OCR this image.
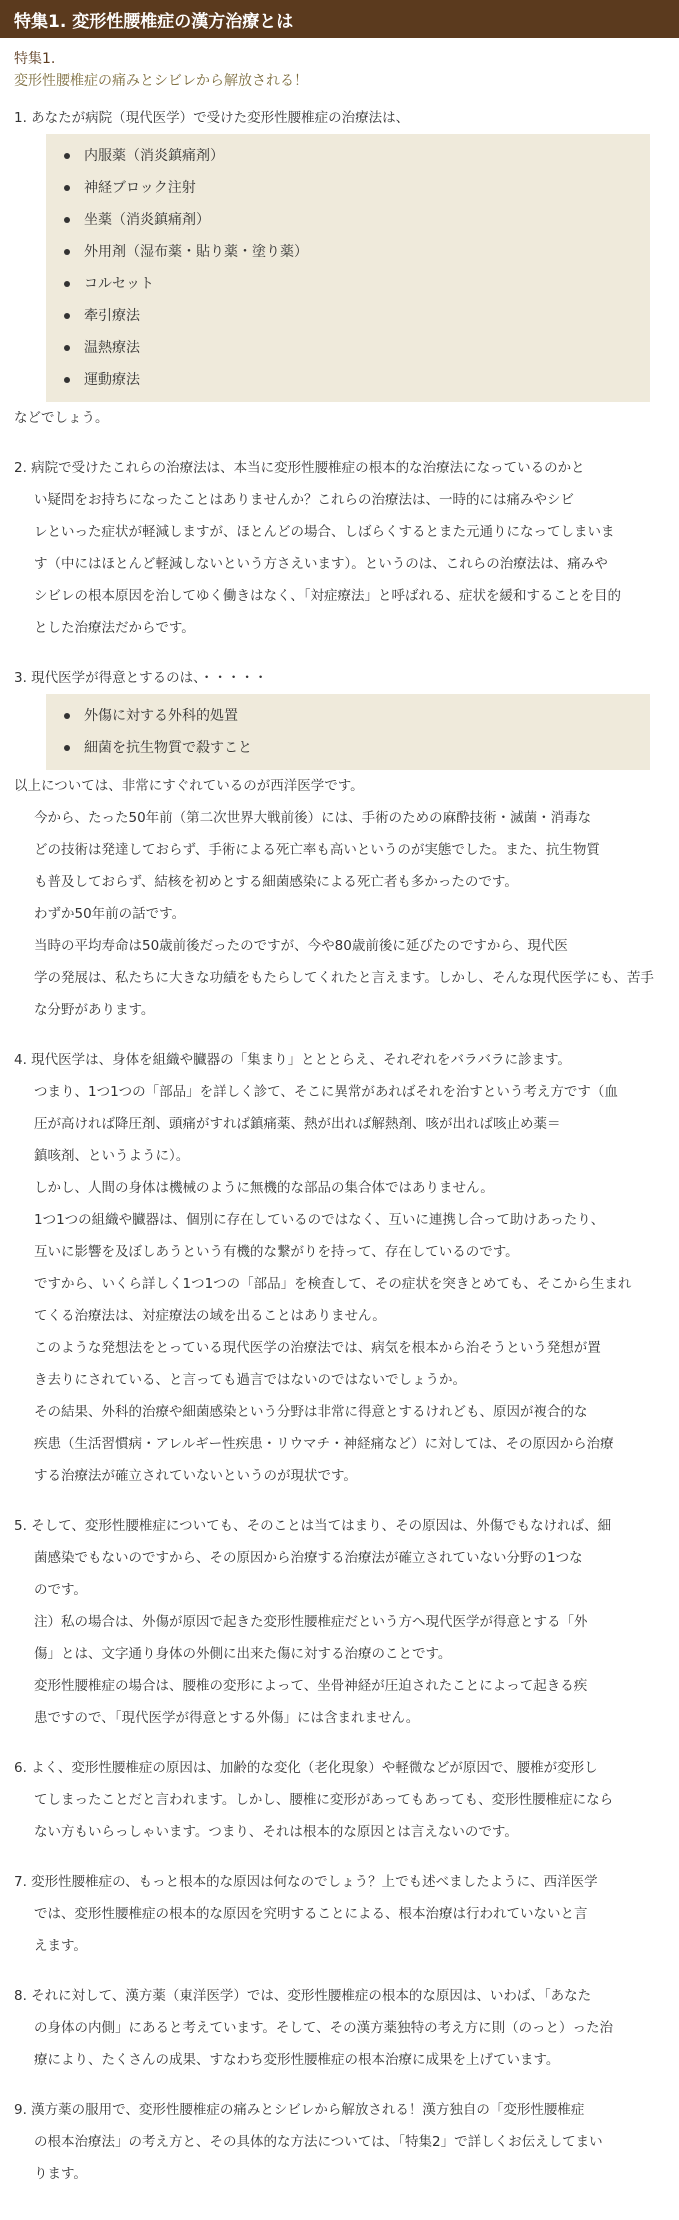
特集1. 変形性腰椎症の漢方治療とは
特集1.
変形性腰椎症の痛みとシビレから解放される！
1. あなたが病院（現代医学）で受けた変形性腰椎症の治療法は、
内服薬（消炎鎮痛剤）
神経ブロック注射
坐薬（消炎鎮痛剤）
外用剤（湿布薬・貼り薬・塗り薬）
コルセット
牽引療法
温熱療法
運動療法
などでしょう。
2. 病院で受けたこれらの治療法は、本当に変形性腰椎症の根本的な治療法になっているのかと
い疑問をお持ちになったことはありませんか？これらの治療法は、一時的には痛みやシビ
レといった症状が軽減しますが、ほとんどの場合、しばらくするとまた元通りになってしまいま
す（中にはほとんど軽減しないという方さえいます）。というのは、これらの治療法は、痛みや
シビレの根本原因を治してゆく働きはなく、「対症療法」と呼ばれる、症状を緩和することを目的
とした治療法だからです。
3. 現代医学が得意とするのは、・・・・・
外傷に対する外科的処置
細菌を抗生物質で殺すこと
以上については、非常にすぐれているのが西洋医学です。
今から、たった50年前（第二次世界大戦前後）には、手術のための麻酔技術・滅菌・消毒な
どの技術は発達しておらず、手術による死亡率も高いというのが実態でした。また、抗生物質
も普及しておらず、結核を初めとする細菌感染による死亡者も多かったのです。
わずか50年前の話です。
当時の平均寿命は50歳前後だったのですが、今や80歳前後に延びたのですから、現代医
学の発展は、私たちに大きな功績をもたらしてくれたと言えます。しかし、そんな現代医学にも、苦手な分野があります。
4. 現代医学は、身体を組織や臓器の「集まり」とととらえ、それぞれをバラバラに診ます。
つまり、1つ1つの「部品」を詳しく診て、そこに異常があればそれを治すという考え方です（血
圧が高ければ降圧剤、頭痛がすれば鎮痛薬、熱が出れば解熱剤、咳が出れば咳止め薬＝
鎮咳剤、というように）。
しかし、人間の身体は機械のように無機的な部品の集合体ではありません。
1つ1つの組織や臓器は、個別に存在しているのではなく、互いに連携し合って助けあったり、
互いに影響を及ぼしあうという有機的な繋がりを持って、存在しているのです。
ですから、いくら詳しく1つ1つの「部品」を検査して、その症状を突きとめても、そこから生まれ
てくる治療法は、対症療法の域を出ることはありません。
このような発想法をとっている現代医学の治療法では、病気を根本から治そうという発想が置
き去りにされている、と言っても過言ではないのではないでしょうか。
その結果、外科的治療や細菌感染という分野は非常に得意とするけれども、原因が複合的な
疾患（生活習慣病・アレルギー性疾患・リウマチ・神経痛など）に対しては、その原因から治療
する治療法が確立されていないというのが現状です。
5. そして、変形性腰椎症についても、そのことは当てはまり、その原因は、外傷でもなければ、細
菌感染でもないのですから、その原因から治療する治療法が確立されていない分野の1つな
のです。
注）私の場合は、外傷が原因で起きた変形性腰椎症だという方へ現代医学が得意とする「外
傷」とは、文字通り身体の外側に出来た傷に対する治療のことです。
変形性腰椎症の場合は、腰椎の変形によって、坐骨神経が圧迫されたことによって起きる疾
患ですので、「現代医学が得意とする外傷」には含まれません。
6. よく、変形性腰椎症の原因は、加齢的な変化（老化現象）や軽微などが原因で、腰椎が変形し
てしまったことだと言われます。しかし、腰椎に変形があってもあっても、変形性腰椎症になら
ない方もいらっしゃいます。つまり、それは根本的な原因とは言えないのです。
7. 変形性腰椎症の、もっと根本的な原因は何なのでしょう？上でも述べましたように、西洋医学
では、変形性腰椎症の根本的な原因を究明することによる、根本治療は行われていないと言
えます。
8. それに対して、漢方薬（東洋医学）では、変形性腰椎症の根本的な原因は、いわば、「あなた
の身体の内側」にあると考えています。そして、その漢方薬独特の考え方に則（のっと）った治
療により、たくさんの成果、すなわち変形性腰椎症の根本治療に成果を上げています。
9. 漢方薬の服用で、変形性腰椎症の痛みとシビレから解放される！漢方独自の「変形性腰椎症
の根本治療法」の考え方と、その具体的な方法については、「特集2」で詳しくお伝えしてまい
ります。
